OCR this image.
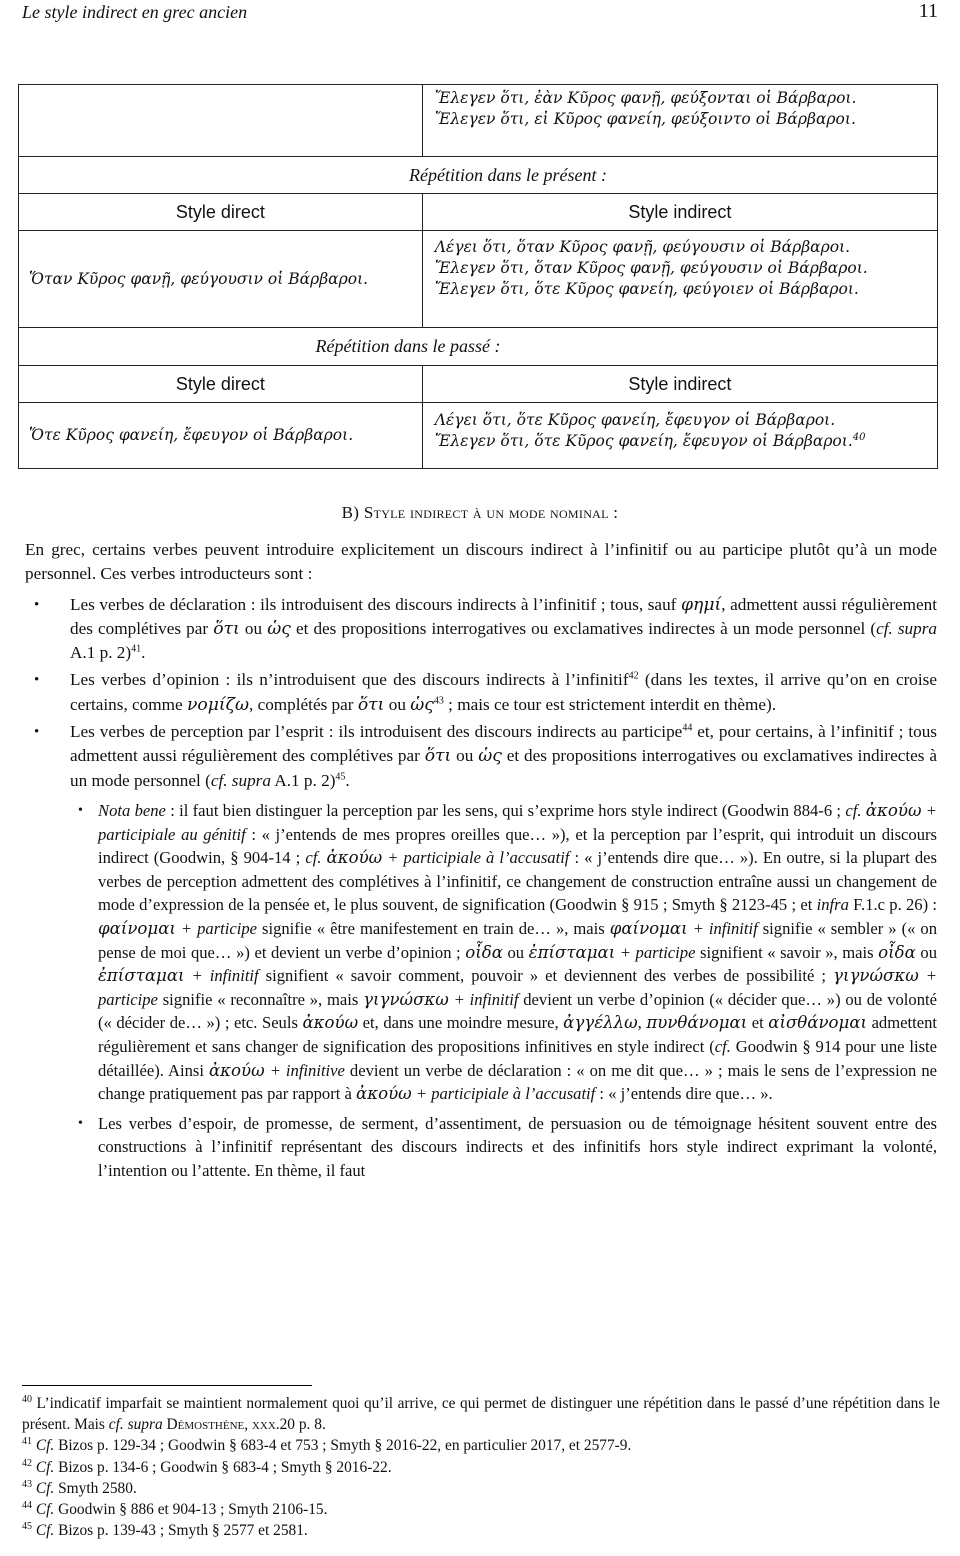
Le style indirect en grec ancien	11

	Ἔλεγεν ὅτι, ἐὰν Κῦρος φανῇ, φεύξονται οἱ Βάρβαροι.
Ἔλεγεν ὅτι, εἰ Κῦρος φανείη, φεύξοιντο οἱ Βάρβαροι.

Répétition dans le présent :	

Style direct	Style indirect

Ὅταν Κῦρος φανῇ, φεύγουσιν οἱ Βάρβαροι.	Λέγει ὅτι, ὅταν Κῦρος φανῇ, φεύγουσιν οἱ Βάρβαροι.
Ἔλεγεν ὅτι, ὅταν Κῦρος φανῇ, φεύγουσιν οἱ Βάρβαροι.
Ἔλεγεν ὅτι, ὅτε Κῦρος φανείη, φεύγοιεν οἱ Βάρβαροι.

Répétition dans le passé :	

Style direct	Style indirect

Ὅτε Κῦρος φανείη, ἔφευγον οἱ Βάρβαροι.	Λέγει ὅτι, ὅτε Κῦρος φανείη, ἔφευγον οἱ Βάρβαροι.
Ἔλεγεν ὅτι, ὅτε Κῦρος φανείη, ἔφευγον οἱ Βάρβαροι.$^{40}$
B) Style indirect à un mode nominal :

En grec, certains verbes peuvent introduire explicitement un discours indirect à l’infinitif ou au participe plutôt qu’à un mode personnel. Ces verbes introducteurs sont :

• Les verbes de déclaration : ils introduisent des discours indirects à l’infinitif ; tous, sauf φημί, admettent aussi régulièrement des complétives par ὅτι ou ὡς et des propositions interrogatives ou exclamatives indirectes à un mode personnel (cf. supra A.1 p. 2)$^{41}$.
• Les verbes d’opinion : ils n’introduisent que des discours indirects à l’infinitif$^{42}$ (dans les textes, il arrive qu’on en croise certains, comme νομίζω, complétés par ὅτι ou ὡς$^{43}$ ; mais ce tour est strictement interdit en thème).
• Les verbes de perception par l’esprit : ils introduisent des discours indirects au participe$^{44}$ et, pour certains, à l’infinitif ; tous admettent aussi régulièrement des complétives par ὅτι ou ὡς et des propositions interrogatives ou exclamatives indirectes à un mode personnel (cf. supra A.1 p. 2)$^{45}$.
• Nota bene : il faut bien distinguer la perception par les sens, qui s’exprime hors style indirect (Goodwin 884-6 ; cf. ἀκούω + participiale au génitif : « j’entends de mes propres oreilles que… »), et la perception par l’esprit, qui introduit un discours indirect (Goodwin, § 904-14 ; cf. ἀκούω + participiale à l’accusatif : « j’entends dire que… »). En outre, si la plupart des verbes de perception admettent des complétives à l’infinitif, ce changement de construction entraîne aussi un changement de mode d’expression de la pensée et, le plus souvent, de signification (Goodwin § 915 ; Smyth § 2123-45 ; et infra F.1.c p. 26) : φαίνομαι + participe signifie « être manifestement en train de… », mais φαίνομαι + infinitif signifie « sembler » (« on pense de moi que… ») et devient un verbe d’opinion ; οἶδα ou ἐπίσταμαι + participe signifient « savoir », mais οἶδα ou ἐπίσταμαι + infinitif signifient « savoir comment, pouvoir » et deviennent des verbes de possibilité ; γιγνώσκω + participe signifie « reconnaître », mais γιγνώσκω + infinitif devient un verbe d’opinion (« décider que… ») ou de volonté (« décider de… ») ; etc. Seuls ἀκούω et, dans une moindre mesure, ἀγγέλλω, πυνθάνομαι et αἰσθάνομαι admettent régulièrement et sans changer de signification des propositions infinitives en style indirect (cf. Goodwin § 914 pour une liste détaillée). Ainsi ἀκούω + infinitive devient un verbe de déclaration : « on me dit que… » ; mais le sens de l’expression ne change pratiquement pas par rapport à ἀκούω + participiale à l’accusatif : « j’entends dire que… ».
• Les verbes d’espoir, de promesse, de serment, d’assentiment, de persuasion ou de témoignage hésitent souvent entre des constructions à l’infinitif représentant des discours indirects et des infinitifs hors style indirect exprimant la volonté, l’intention ou l’attente. En thème, il faut

$^{40}$ L’indicatif imparfait se maintient normalement quoi qu’il arrive, ce qui permet de distinguer une répétition dans le passé d’une répétition dans le présent. Mais cf. supra Démosthène, xxx.20 p. 8.

$^{41}$ Cf. Bizos p. 129-34 ; Goodwin § 683-4 et 753 ; Smyth § 2016-22, en particulier 2017, et 2577-9.

$^{42}$ Cf. Bizos p. 134-6 ; Goodwin § 683-4 ; Smyth § 2016-22.

$^{43}$ Cf. Smyth 2580.

$^{44}$ Cf. Goodwin § 886 et 904-13 ; Smyth 2106-15.

$^{45}$ Cf. Bizos p. 139-43 ; Smyth § 2577 et 2581.
